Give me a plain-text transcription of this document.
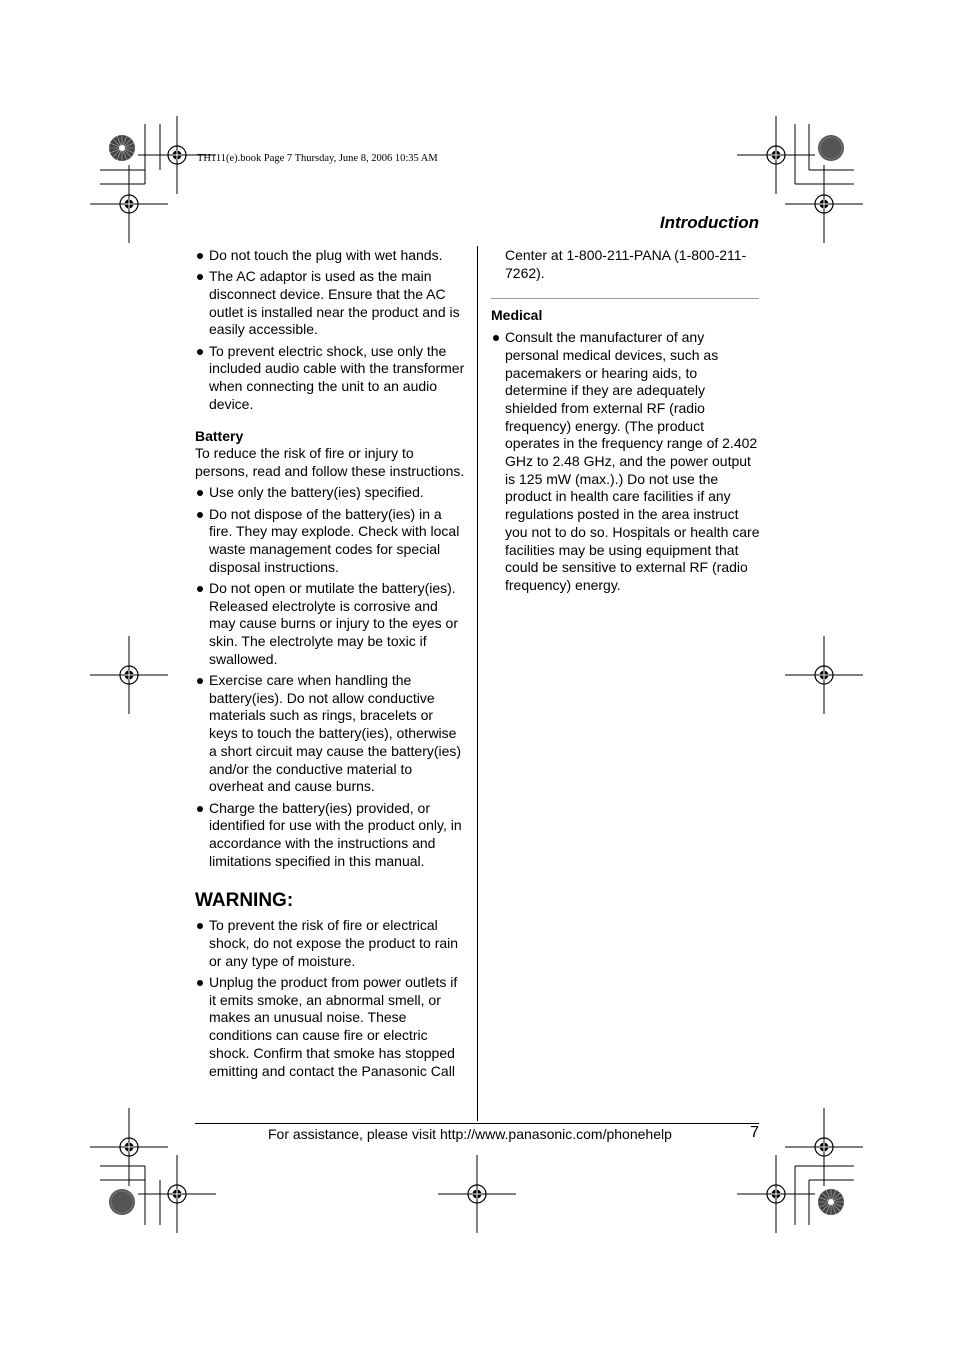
TH111(e).book Page 7 Thursday, June 8, 2006 10:35 AM
Introduction
Do not touch the plug with wet hands.
The AC adaptor is used as the main disconnect device. Ensure that the AC outlet is installed near the product and is easily accessible.
To prevent electric shock, use only the included audio cable with the transformer when connecting the unit to an audio device.
Battery

To reduce the risk of fire or injury to persons, read and follow these instructions.

Use only the battery(ies) specified.
Do not dispose of the battery(ies) in a fire. They may explode. Check with local waste management codes for special disposal instructions.
Do not open or mutilate the battery(ies). Released electrolyte is corrosive and may cause burns or injury to the eyes or skin. The electrolyte may be toxic if swallowed.
Exercise care when handling the battery(ies). Do not allow conductive materials such as rings, bracelets or keys to touch the battery(ies), otherwise a short circuit may cause the battery(ies) and/or the conductive material to overheat and cause burns.
Charge the battery(ies) provided, or identified for use with the product only, in accordance with the instructions and limitations specified in this manual.
WARNING:
To prevent the risk of fire or electrical shock, do not expose the product to rain or any type of moisture.
Unplug the product from power outlets if it emits smoke, an abnormal smell, or makes an unusual noise. These conditions can cause fire or electric shock. Confirm that smoke has stopped emitting and contact the Panasonic Call
Center at 1-800-211-PANA (1-800-211-7262).
Medical
Consult the manufacturer of any personal medical devices, such as pacemakers or hearing aids, to determine if they are adequately shielded from external RF (radio frequency) energy. (The product operates in the frequency range of 2.402 GHz to 2.48 GHz, and the power output is 125 mW (max.).) Do not use the product in health care facilities if any regulations posted in the area instruct you not to do so. Hospitals or health care facilities may be using equipment that could be sensitive to external RF (radio frequency) energy.
For assistance, please visit http://www.panasonic.com/phonehelp	7
